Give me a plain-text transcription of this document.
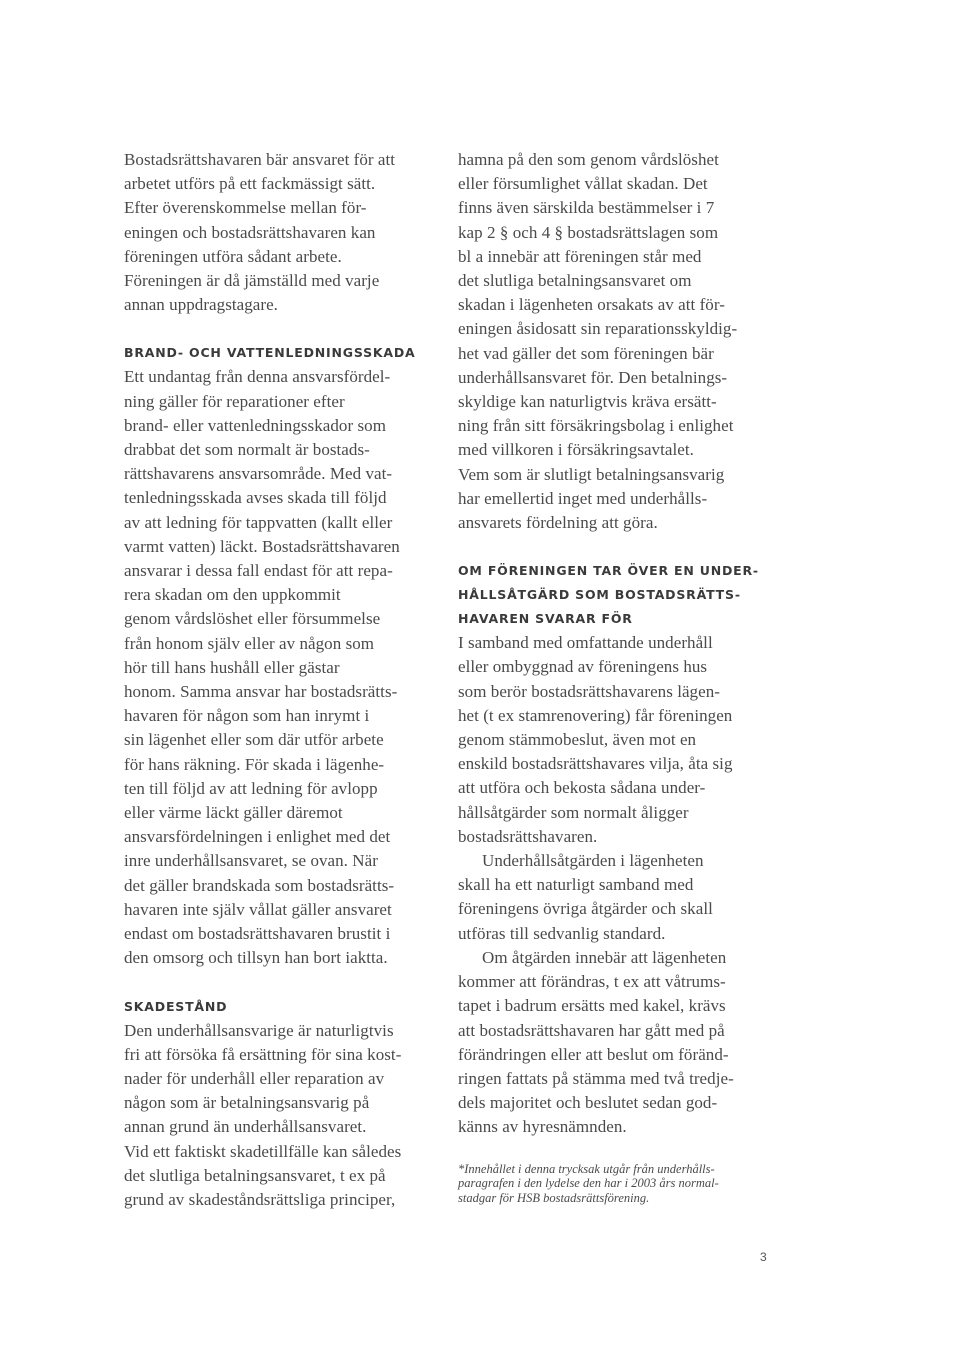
Bostadsrättshavaren bär ansvaret för att
arbetet utförs på ett fackmässigt sätt.
Efter överenskommelse mellan för-
eningen och bostadsrättshavaren kan
föreningen utföra sådant arbete.
Föreningen är då jämställd med varje
annan uppdragstagare.
BRAND- OCH VATTENLEDNINGSSKADA
Ett undantag från denna ansvarsfördel-
ning gäller för reparationer efter
brand- eller vattenledningsskador som
drabbat det som normalt är bostads-
rättshavarens ansvarsområde. Med vat-
tenledningsskada avses skada till följd
av att ledning för tappvatten (kallt eller
varmt vatten) läckt. Bostadsrättshavaren
ansvarar i dessa fall endast för att repa-
rera skadan om den uppkommit
genom vårdslöshet eller försummelse
från honom själv eller av någon som
hör till hans hushåll eller gästar
honom. Samma ansvar har bostadsrätts-
havaren för någon som han inrymt i
sin lägenhet eller som där utför arbete
för hans räkning. För skada i lägenhe-
ten till följd av att ledning för avlopp
eller värme läckt gäller däremot
ansvarsfördelningen i enlighet med det
inre underhållsansvaret, se ovan. När
det gäller brandskada som bostadsrätts-
havaren inte själv vållat gäller ansvaret
endast om bostadsrättshavaren brustit i
den omsorg och tillsyn han bort iaktta.
SKADESTÅND
Den underhållsansvarige är naturligtvis
fri att försöka få ersättning för sina kost-
nader för underhåll eller reparation av
någon som är betalningsansvarig på
annan grund än underhållsansvaret.
Vid ett faktiskt skadetillfälle kan således
det slutliga betalningsansvaret, t ex på
grund av skadeståndsrättsliga principer,
hamna på den som genom vårdslöshet
eller försumlighet vållat skadan. Det
finns även särskilda bestämmelser i 7
kap 2 § och 4 § bostadsrättslagen som
bl a innebär att föreningen står med
det slutliga betalningsansvaret om
skadan i lägenheten orsakats av att för-
eningen åsidosatt sin reparationsskyldig-
het vad gäller det som föreningen bär
underhållsansvaret för. Den betalnings-
skyldige kan naturligtvis kräva ersätt-
ning från sitt försäkringsbolag i enlighet
med villkoren i försäkringsavtalet.
Vem som är slutligt betalningsansvarig
har emellertid inget med underhålls-
ansvarets fördelning att göra.
OM FÖRENINGEN TAR ÖVER EN UNDER-
HÅLLSÅTGÄRD SOM BOSTADSRÄTTS-
HAVAREN SVARAR FÖR
I samband med omfattande underhåll
eller ombyggnad av föreningens hus
som berör bostadsrättshavarens lägen-
het (t ex stamrenovering) får föreningen
genom stämmobeslut, även mot en
enskild bostadsrättshavares vilja, åta sig
att utföra och bekosta sådana under-
hållsåtgärder som normalt åligger
bostadsrättshavaren.
Underhållsåtgärden i lägenheten
skall ha ett naturligt samband med
föreningens övriga åtgärder och skall
utföras till sedvanlig standard.
Om åtgärden innebär att lägenheten
kommer att förändras, t ex att våtrums-
tapet i badrum ersätts med kakel, krävs
att bostadsrättshavaren har gått med på
förändringen eller att beslut om föränd-
ringen fattats på stämma med två tredje-
dels majoritet och beslutet sedan god-
känns av hyresnämnden.
*Innehållet i denna trycksak utgår från underhålls-
paragrafen i den lydelse den har i 2003 års normal-
stadgar för HSB bostadsrättsförening.
3
